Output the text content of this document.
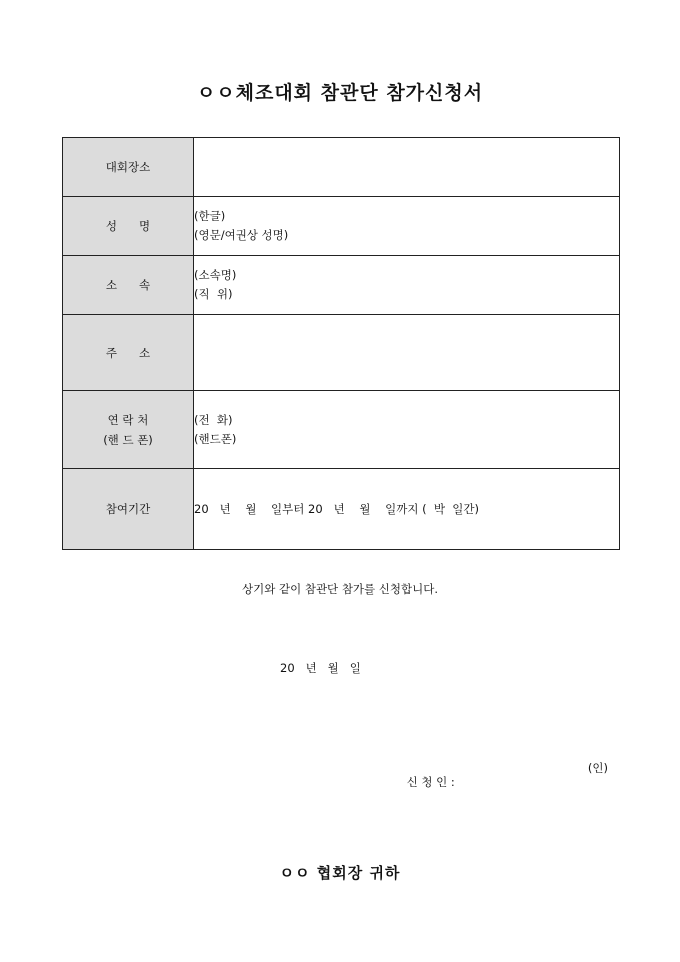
ㅇㅇ체조대회 참관단 참가신청서
대회장소	
성      명	(한글)
(영문/여권상 성명)

소      속	(소속명)
(직  위)

주      소	

연 락 처
(핸 드 폰)	(전  화)
(핸드폰)

참여기간	20   년    월    일부터 20   년    월    일까지 (  박  일간)
상기와 같이 참관단 참가를 신청합니다.
20   년   월   일

신 청 인 :

(인)

ㅇㅇ 협회장 귀하
